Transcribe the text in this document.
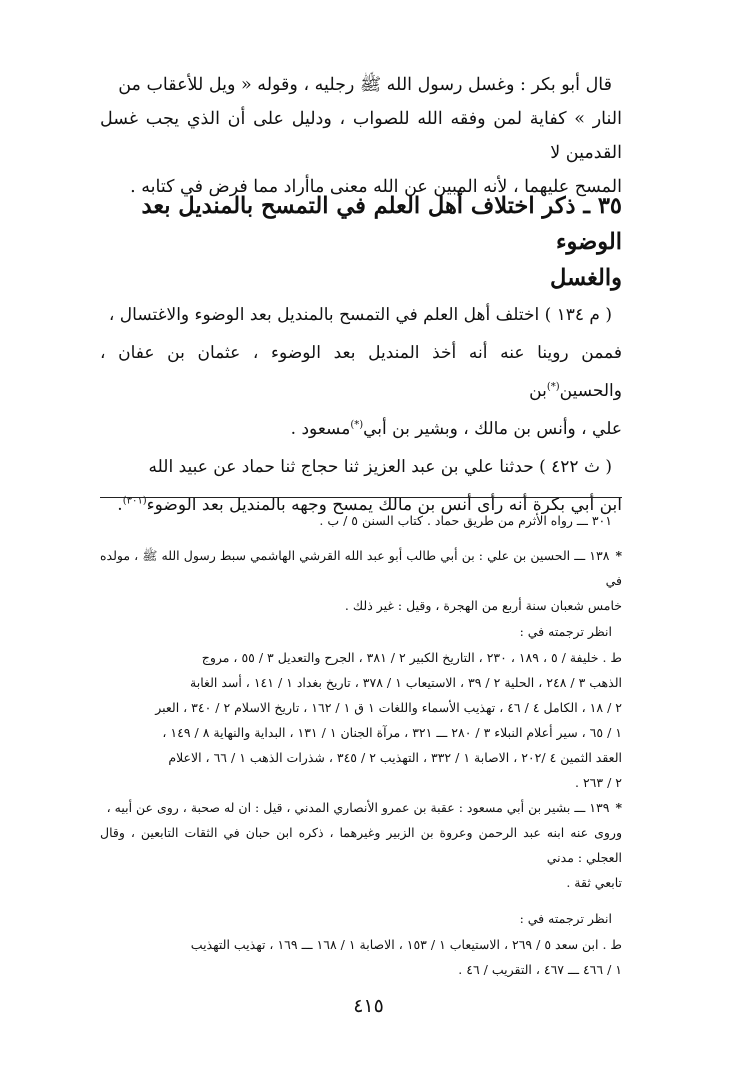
قال أبو بكر : وغسل رسول الله ﷺ رجليه ، وقوله « ويل للأعقاب من

النار » كفاية لمن وفقه الله للصواب ، ودليل على أن الذي يجب غسل القدمين لا

المسح عليهما ، لأنه المبين عن الله معنى ماأراد مما فرض في كتابه .

٣٥ ـ ذكر اختلاف أهل العلم في التمسح بالمنديل بعد الوضوء
والغسل

( م ١٣٤ ) اختلف أهل العلم في التمسح بالمنديل بعد الوضوء والاغتسال ،

فممن روينا عنه أنه أخذ المنديل بعد الوضوء ، عثمان بن عفان ، والحسين(*)بن

علي ، وأنس بن مالك ، وبشير بن أبي(*)مسعود .

( ث ٤٢٢ ) حدثنا علي بن عبد العزيز ثنا حجاج ثنا حماد عن عبيد الله

ابن أبي بكرة أنه رأى أنس بن مالك يمسح وجهه بالمنديل بعد الوضوء$^{(٣٠١)}$.

٣٠١ ـــ رواه الأثرم من طريق حماد . كتاب السنن ٥ / ب .

*١٣٨ ـــ الحسين بن علي : بن أبي طالب أبو عبد الله القرشي الهاشمي سبط رسول الله ﷺ ، مولده في

خامس شعبان سنة أربع من الهجرة ، وقيل : غير ذلك .

انظر ترجمته في :

ط . خليفة / ٥ ، ١٨٩ ، ٢٣٠ ، التاريخ الكبير ٢ / ٣٨١ ، الجرح والتعديل ٣ / ٥٥ ، مروج

الذهب ٣ / ٢٤٨ ، الحلية ٢ / ٣٩ ، الاستيعاب ١ / ٣٧٨ ، تاريخ بغداد ١ / ١٤١ ، أسد الغابة

٢ / ١٨ ، الكامل ٤ / ٤٦ ، تهذيب الأسماء واللغات ١ ق ١ / ١٦٢ ، تاريخ الاسلام ٢ / ٣٤٠ ، العبر

١ / ٦٥ ، سير أعلام النبلاء ٣ / ٢٨٠ ـــ ٣٢١ ، مرآة الجنان ١ / ١٣١ ، البداية والنهاية ٨ / ١٤٩ ،

العقد الثمين ٤ /٢٠٢ ، الاصابة ١ / ٣٣٢ ، التهذيب ٢ / ٣٤٥ ، شذرات الذهب ١ / ٦٦ ، الاعلام

٢ / ٢٦٣ .

*١٣٩ ـــ بشير بن أبي مسعود : عقبة بن عمرو الأنصاري المدني ، قيل : ان له صحبة ، روى عن أبيه ،

وروى عنه ابنه عبد الرحمن وعروة بن الزبير وغيرهما ، ذكره ابن حبان في الثقات التابعين ، وقال العجلي : مدني

تابعي ثقة .

انظر ترجمته في :

ط . ابن سعد ٥ / ٢٦٩ ، الاستيعاب ١ / ١٥٣ ، الاصابة ١ / ١٦٨ ـــ ١٦٩ ، تهذيب التهذيب

١ / ٤٦٦ ـــ ٤٦٧ ، التقريب / ٤٦ .

٤١٥
